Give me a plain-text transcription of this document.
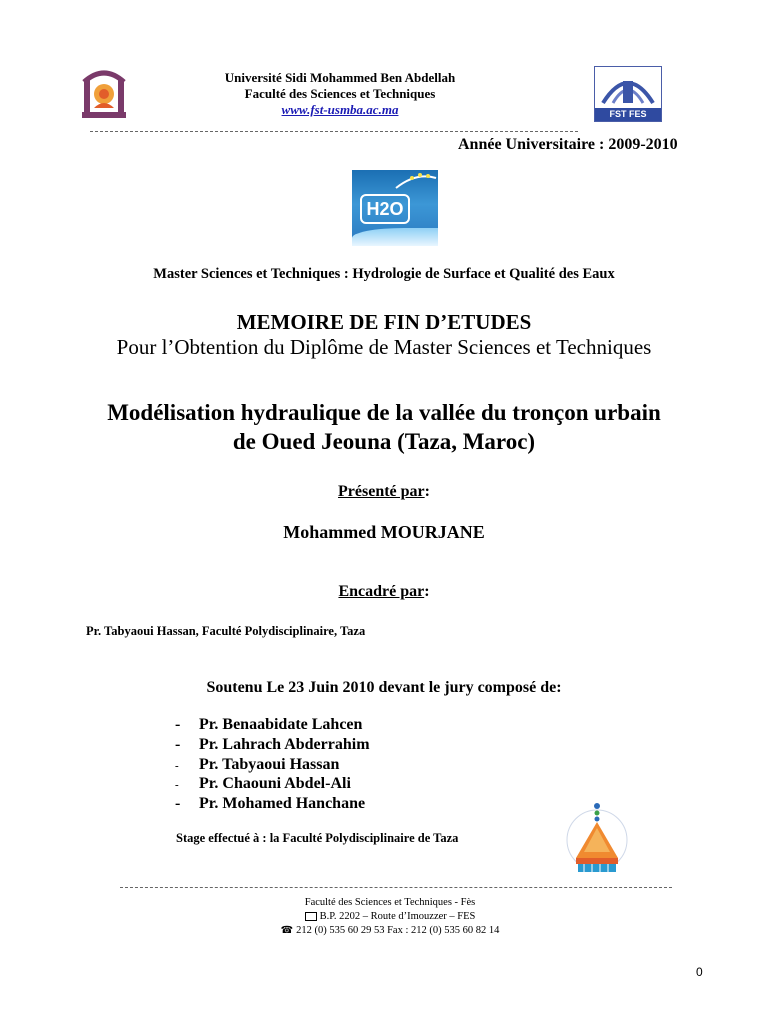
Université Sidi Mohammed Ben Abdellah
Faculté des Sciences et Techniques
www.fst-usmba.ac.ma	FST FES
Année Universitaire : 2009-2010
H2O
Master Sciences et Techniques : Hydrologie de Surface et Qualité des Eaux
MEMOIRE DE FIN D’ETUDES
Pour l’Obtention du Diplôme de Master Sciences et Techniques
Modélisation hydraulique de la vallée du tronçon urbain
de Oued Jeouna (Taza, Maroc)
Présenté par:
Mohammed MOURJANE
Encadré par:
Pr. Tabyaoui Hassan, Faculté Polydisciplinaire, Taza
Soutenu Le 23 Juin 2010 devant le jury composé de:
- Pr. Benaabidate Lahcen
- Pr. Lahrach Abderrahim
- Pr. Tabyaoui Hassan
- Pr. Chaouni Abdel-Ali
- Pr. Mohamed Hanchane
Stage effectué à : la Faculté Polydisciplinaire de Taza
Faculté des Sciences et Techniques - Fès
B.P. 2202 – Route d’Imouzzer – FES
☎ 212 (0) 535 60 29 53 Fax : 212 (0) 535 60 82 14
0
